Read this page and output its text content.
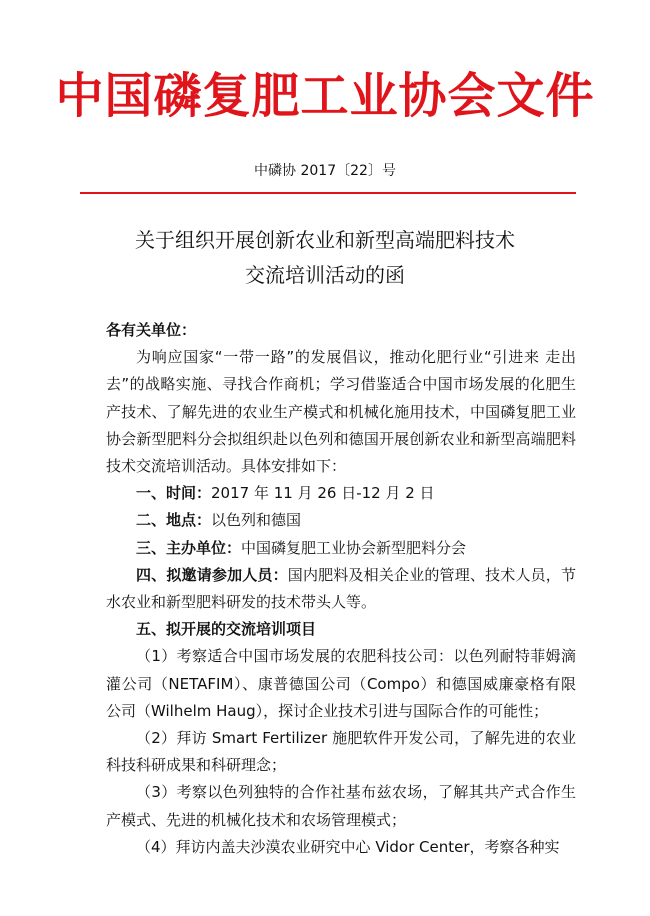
中国磷复肥工业协会文件
中磷协 2017〔22〕号
关于组织开展创新农业和新型高端肥料技术
交流培训活动的函

各有关单位：

为响应国家“一带一路”的发展倡议，推动化肥行业“引进来 走出去”的战略实施、寻找合作商机；学习借鉴适合中国市场发展的化肥生产技术、了解先进的农业生产模式和机械化施用技术，中国磷复肥工业协会新型肥料分会拟组织赴以色列和德国开展创新农业和新型高端肥料技术交流培训活动。具体安排如下：

一、时间：2017 年 11 月 26 日-12 月 2 日

二、地点：以色列和德国

三、主办单位：中国磷复肥工业协会新型肥料分会

四、拟邀请参加人员：国内肥料及相关企业的管理、技术人员，节水农业和新型肥料研发的技术带头人等。

五、拟开展的交流培训项目

（1）考察适合中国市场发展的农肥科技公司：以色列耐特菲姆滴灌公司（NETAFIM）、康普德国公司（Compo）和德国威廉豪格有限公司（Wilhelm Haug），探讨企业技术引进与国际合作的可能性；

（2）拜访 Smart Fertilizer 施肥软件开发公司，了解先进的农业科技科研成果和科研理念；

（3）考察以色列独特的合作社基布兹农场，了解其共产式合作生产模式、先进的机械化技术和农场管理模式；

（4）拜访内盖夫沙漠农业研究中心 Vidor Center，考察各种实
